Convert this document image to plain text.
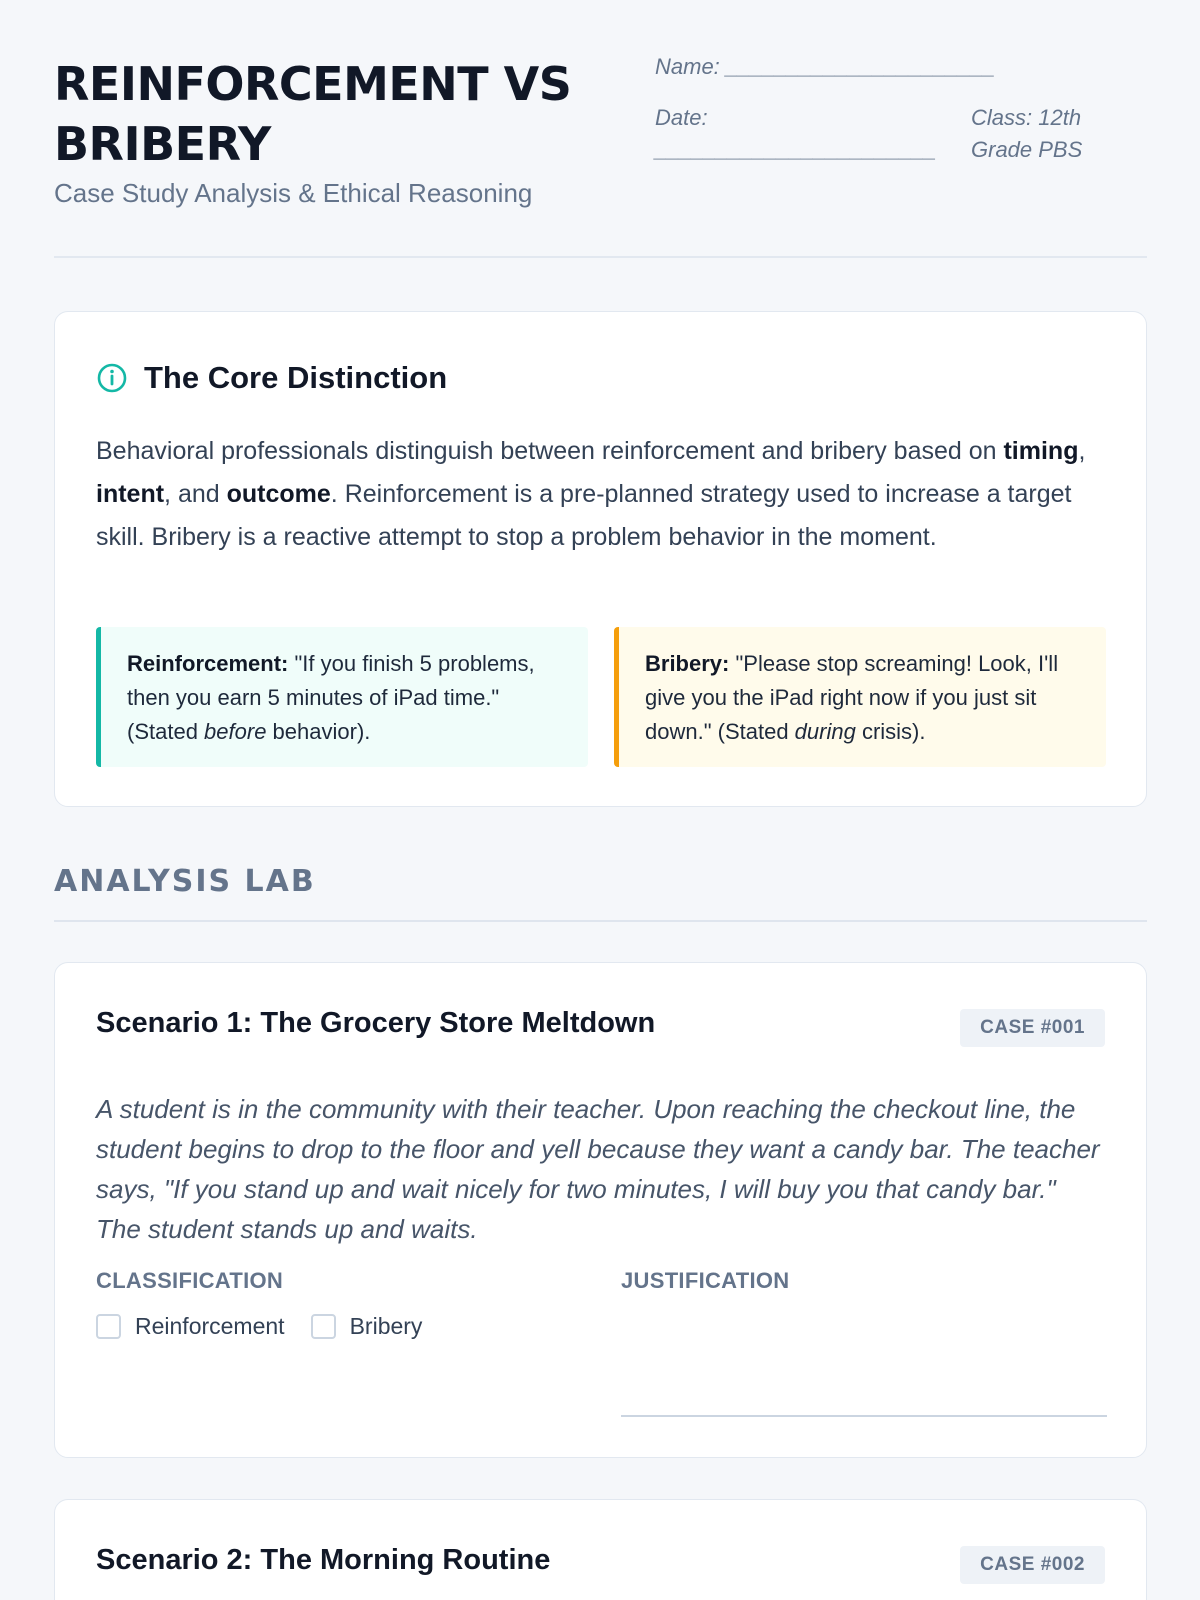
REINFORCEMENT VS BRIBERY
Case Study Analysis & Ethical Reasoning
Name: ______________________
Date: _______________________
Class: 12th Grade PBS
The Core Distinction

Behavioral professionals distinguish between reinforcement and bribery based on timing, intent, and outcome. Reinforcement is a pre-planned strategy used to increase a target skill. Bribery is a reactive attempt to stop a problem behavior in the moment.

Reinforcement: "If you finish 5 problems, then you earn 5 minutes of iPad time." (Stated before behavior).
Bribery: "Please stop screaming! Look, I'll give you the iPad right now if you just sit down." (Stated during crisis).
ANALYSIS LAB
Scenario 1: The Grocery Store Meltdown	CASE #001

A student is in the community with their teacher. Upon reaching the checkout line, the student begins to drop to the floor and yell because they want a candy bar. The teacher says, "If you stand up and wait nicely for two minutes, I will buy you that candy bar." The student stands up and waits.

CLASSIFICATION	JUSTIFICATION
Reinforcement	Bribery
Scenario 2: The Morning Routine	CASE #002
